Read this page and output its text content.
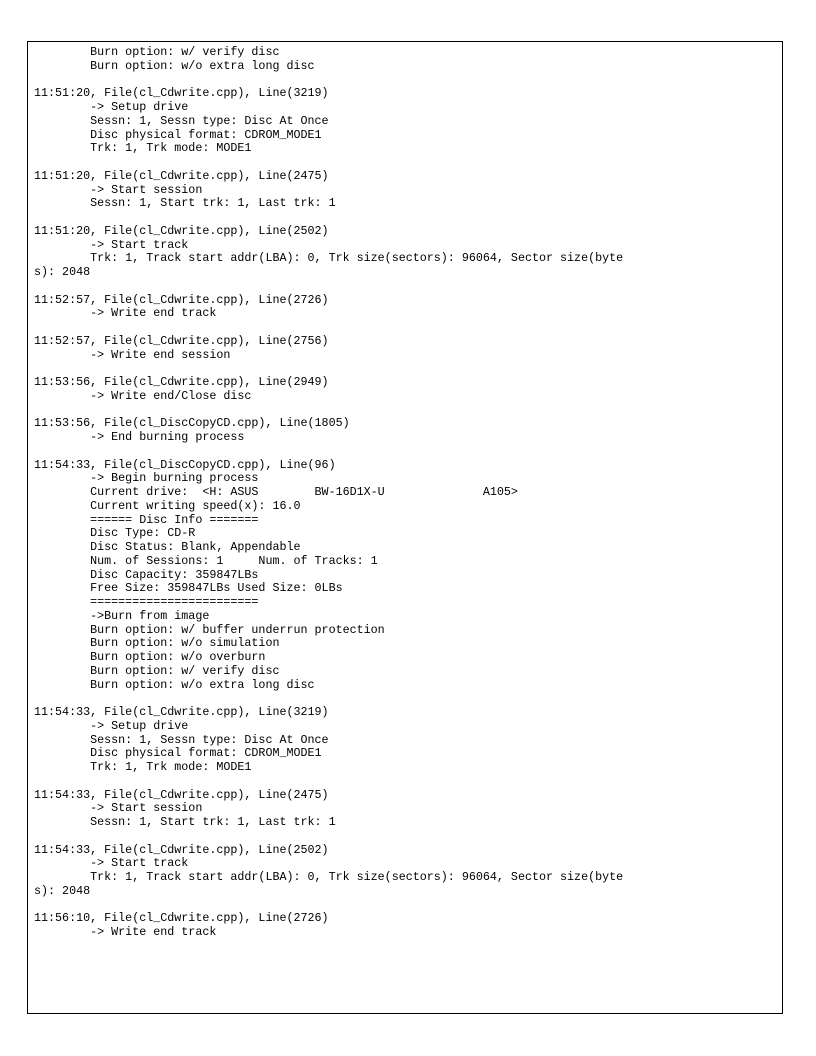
Burn option: w/ verify disc
Burn option: w/o extra long disc

11:51:20, File(cl_Cdwrite.cpp), Line(3219)
-> Setup drive
Sessn: 1, Sessn type: Disc At Once
Disc physical format: CDROM_MODE1
Trk: 1, Trk mode: MODE1

11:51:20, File(cl_Cdwrite.cpp), Line(2475)
-> Start session
Sessn: 1, Start trk: 1, Last trk: 1

11:51:20, File(cl_Cdwrite.cpp), Line(2502)
-> Start track
Trk: 1, Track start addr(LBA): 0, Trk size(sectors): 96064, Sector size(byte
s): 2048

11:52:57, File(cl_Cdwrite.cpp), Line(2726)
-> Write end track

11:52:57, File(cl_Cdwrite.cpp), Line(2756)
-> Write end session

11:53:56, File(cl_Cdwrite.cpp), Line(2949)
-> Write end/Close disc

11:53:56, File(cl_DiscCopyCD.cpp), Line(1805)
-> End burning process

11:54:33, File(cl_DiscCopyCD.cpp), Line(96)
-> Begin burning process
Current drive:  <H: ASUS        BW-16D1X-U              A105>
Current writing speed(x): 16.0
====== Disc Info =======
Disc Type: CD-R
Disc Status: Blank, Appendable
Num. of Sessions: 1     Num. of Tracks: 1
Disc Capacity: 359847LBs
Free Size: 359847LBs Used Size: 0LBs
========================
->Burn from image
Burn option: w/ buffer underrun protection
Burn option: w/o simulation
Burn option: w/o overburn
Burn option: w/ verify disc
Burn option: w/o extra long disc

11:54:33, File(cl_Cdwrite.cpp), Line(3219)
-> Setup drive
Sessn: 1, Sessn type: Disc At Once
Disc physical format: CDROM_MODE1
Trk: 1, Trk mode: MODE1

11:54:33, File(cl_Cdwrite.cpp), Line(2475)
-> Start session
Sessn: 1, Start trk: 1, Last trk: 1

11:54:33, File(cl_Cdwrite.cpp), Line(2502)
-> Start track
Trk: 1, Track start addr(LBA): 0, Trk size(sectors): 96064, Sector size(byte
s): 2048

11:56:10, File(cl_Cdwrite.cpp), Line(2726)
-> Write end track
